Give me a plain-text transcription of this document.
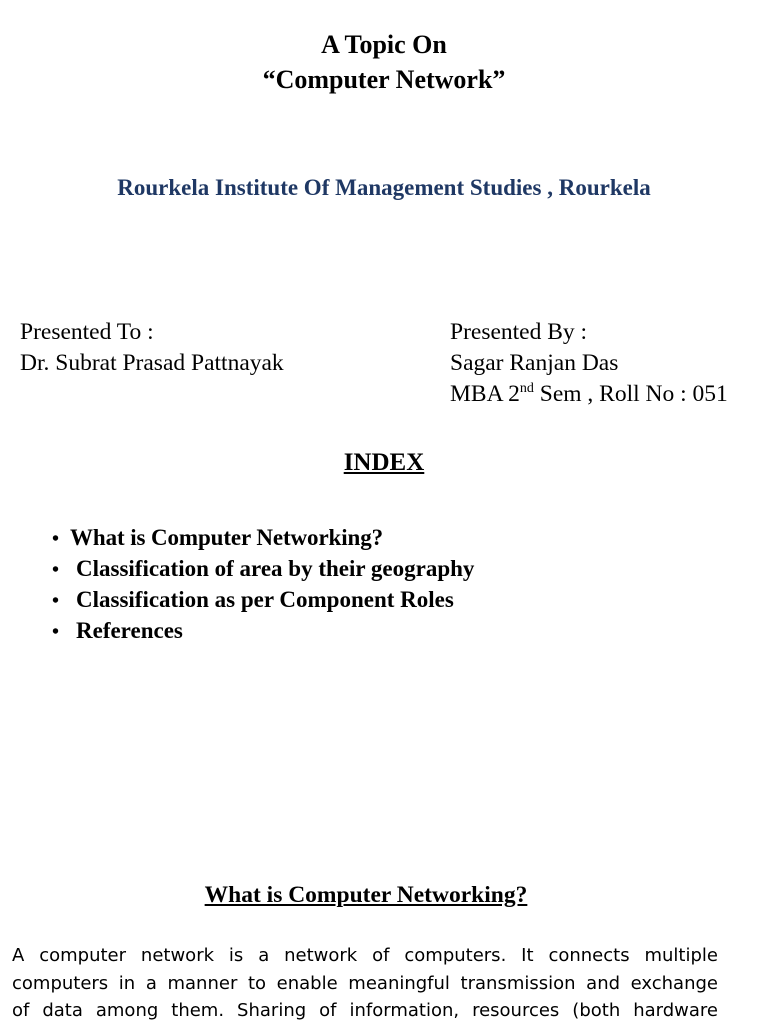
A Topic On
“Computer Network”
Rourkela Institute Of Management Studies , Rourkela
Presented To :
Dr. Subrat Prasad Pattnayak
Presented By :
Sagar Ranjan Das
MBA 2nd Sem , Roll No : 051
INDEX
• What is Computer Networking?
• Classification of area by their geography
• Classification as per Component Roles
• References
What is Computer Networking?

A computer network is a network of computers. It connects multiple
computers in a manner to enable meaningful transmission and exchange
of data among them. Sharing of information, resources (both hardware
